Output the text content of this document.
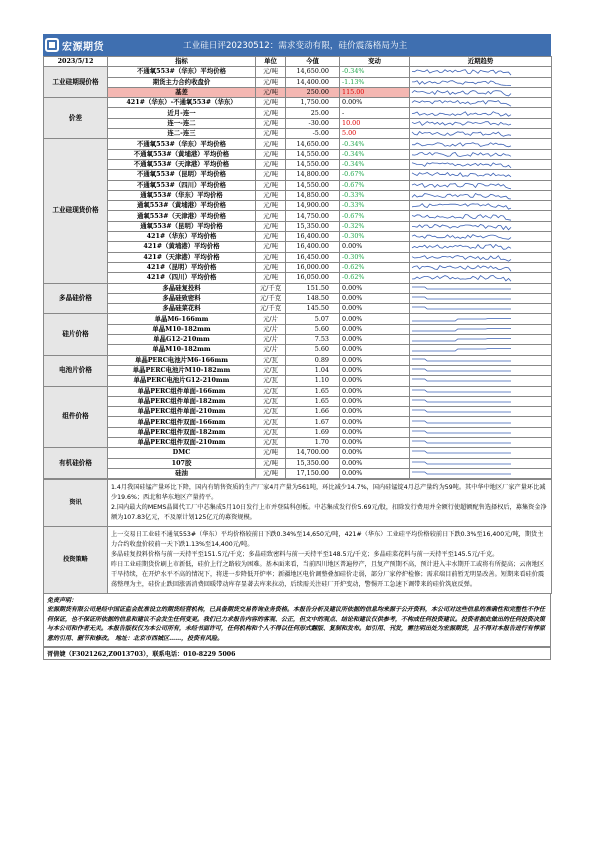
宏源期货	工业硅日评20230512：需求变动有限，硅价震荡格局为主
2023/5/12	指标	单位	今值	变动	近期趋势
工业硅期现价格	不通氧553#（华东）平均价格	元/吨	14,650.00	-0.34%	

	期货主力合约收盘价	元/吨	14,400.00	-1.13%	

	基差	元/吨	250.00	115.00	

价差	421#（华东）-不通氧553#（华东）	元/吨	1,750.00	0.00%	

	近月-连一	元/吨	25.00	-	

	连一-连二	元/吨	-30.00	10.00	

	连二-连三	元/吨	-5.00	5.00	

工业硅现货价格	不通氧553#（华东）平均价格	元/吨	14,650.00	-0.34%	

	不通氧553#（黄埔港）平均价格	元/吨	14,550.00	-0.34%	

	不通氧553#（天津港）平均价格	元/吨	14,550.00	-0.34%	

	不通氧553#（昆明）平均价格	元/吨	14,800.00	-0.67%	

	不通氧553#（四川）平均价格	元/吨	14,550.00	-0.67%	

	通氧553#（华东）平均价格	元/吨	14,850.00	-0.33%	

	通氧553#（黄埔港）平均价格	元/吨	14,900.00	-0.33%	

	通氧553#（天津港）平均价格	元/吨	14,750.00	-0.67%	

	通氧553#（昆明）平均价格	元/吨	15,350.00	-0.32%	

	421#（华东）平均价格	元/吨	16,400.00	-0.30%	

	421#（黄埔港）平均价格	元/吨	16,400.00	0.00%	

	421#（天津港）平均价格	元/吨	16,450.00	-0.30%	

	421#（昆明）平均价格	元/吨	16,000.00	-0.62%	

	421#（四川）平均价格	元/吨	16,050.00	-0.62%	

多晶硅价格	多晶硅复投料	元/千克	151.50	0.00%	

	多晶硅致密料	元/千克	148.50	0.00%	

	多晶硅菜花料	元/千克	145.50	0.00%	

硅片价格	单晶M6-166mm	元/片	5.07	0.00%	

	单晶M10-182mm	元/片	5.60	0.00%	

	单晶G12-210mm	元/片	7.53	0.00%	

	单晶M10-182mm	元/片	5.60	0.00%	

电池片价格	单晶PERC电池片M6-166mm	元/瓦	0.89	0.00%	

	单晶PERC电池片M10-182mm	元/瓦	1.04	0.00%	

	单晶PERC电池片G12-210mm	元/瓦	1.10	0.00%	

组件价格	单晶PERC组件单面-166mm	元/瓦	1.65	0.00%	

	单晶PERC组件单面-182mm	元/瓦	1.65	0.00%	

	单晶PERC组件单面-210mm	元/瓦	1.66	0.00%	

	单晶PERC组件双面-166mm	元/瓦	1.67	0.00%	

	单晶PERC组件双面-182mm	元/瓦	1.69	0.00%	

	单晶PERC组件双面-210mm	元/瓦	1.70	0.00%	

有机硅价格	DMC	元/吨	14,700.00	0.00%	

	107胶	元/吨	15,350.00	0.00%	

	硅油	元/吨	17,150.00	0.00%	
资讯	1.4月我国硅锰产量环比下降，国内有销售资质的生产厂家4月产量为561吨，环比减少14.7%，国内硅锰锭4月总产量约为59吨。其中华中地区厂家产量环比减少19.6%；西北和华东地区产量持平。
2.国内最大的MEMS晶圆代工厂中芯集成5月10日发行上市并登陆科创板。中芯集成发行价5.69元/股，扣除发行费用并全额行使超额配售选择权后，募集资金净额为107.83亿元，不及原计划125亿元的募资规模。

投资策略	上一交易日工业硅不通氧553#（华东）平均价格较前日下跌0.34%至14,650元/吨，421#（华东）工业硅平均价格较前日下跌0.3%至16,400元/吨，期货主力合约收盘价较前一天下跌1.13%至14,400元/吨。
多晶硅复投料价格与前一天持平至151.5元/千克；多晶硅致密料与前一天持平至148.5元/千克；多晶硅菜花料与前一天持平至145.5元/千克。
昨日工业硅期货价刷上市新低，硅价上行之路较为困难。基本面来看，当前四川地区普遍停产，且复产预期不高，预计进入丰水期开工或将有所提高；云南地区干旱持续，在开炉水平不高的情况下，将进一步降低开炉率；新疆地区电价调整叠加硅价走弱，部分厂家停炉检修；需求端目前暂无明显改善。短期来看硅价震荡整理为主，硅价止跌回涨需消费回暖带动库存显著去库来拉动，后续需关注硅厂开炉变动，警惕开工急速下调带来的硅价筑底反弹。
免责声明：
宏源期货有限公司是经中国证监会批准设立的期货经营机构，已具备期货交易咨询业务资格。本报告分析及建议所依据的信息均来源于公开资料，本公司对这些信息的准确性和完整性不作任何保证，也不保证所依据的信息和建议不会发生任何变更。我们已力求报告内容的客观、公正，但文中的观点、结论和建议仅供参考，不构成任何投资建议。投资者据此做出的任何投资决策与本公司和作者无关。本报告版权仅为本公司所有，未经书面许可，任何机构和个人不得以任何形式翻版、复制和发布。如引用、刊发，需注明出处为宏源期货，且不得对本报告进行有悖原意的引用、删节和修改。 地址：北京市西城区……，投资有风险。
胥倩婕（F3021262,Z0013703），联系电话：010-8229 5006
